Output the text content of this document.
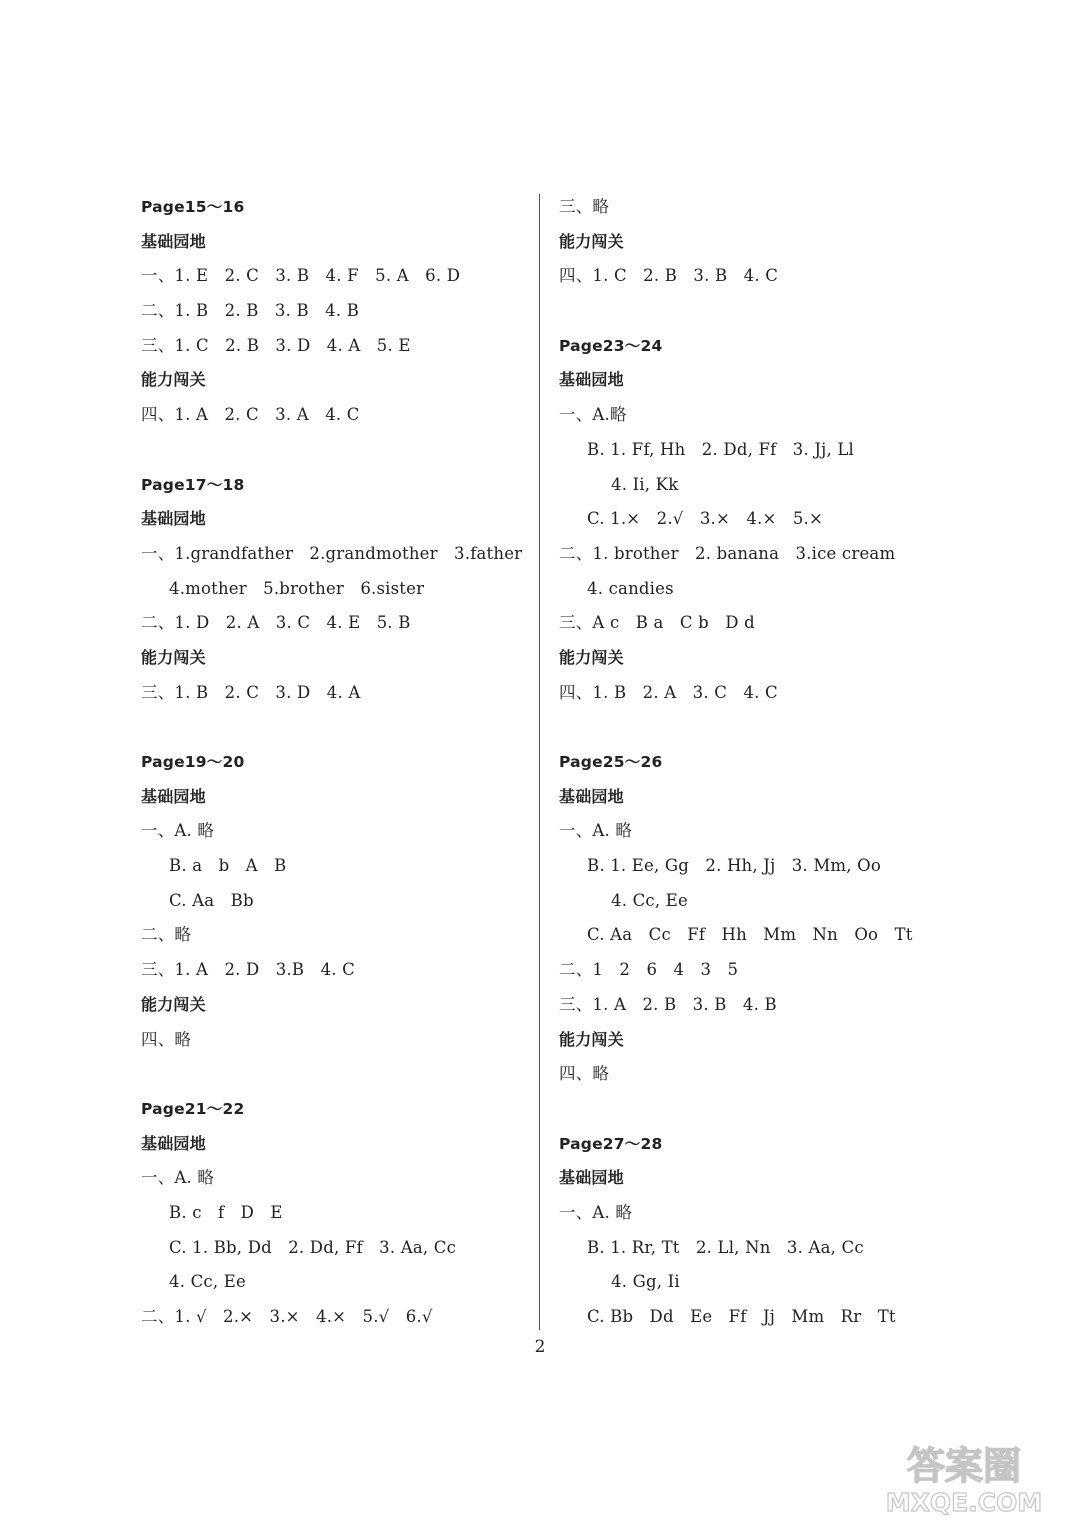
Page15～16
基础园地
一、1. E   2. C   3. B   4. F   5. A   6. D
二、1. B   2. B   3. B   4. B
三、1. C   2. B   3. D   4. A   5. E
能力闯关
四、1. A   2. C   3. A   4. C
Page17～18
基础园地
一、1.grandfather   2.grandmother   3.father
4.mother   5.brother   6.sister
二、1. D   2. A   3. C   4. E   5. B
能力闯关
三、1. B   2. C   3. D   4. A
Page19～20
基础园地
一、A. 略
B. a   b   A   B
C. Aa   Bb
二、略
三、1. A   2. D   3.B   4. C
能力闯关
四、略
Page21～22
基础园地
一、A. 略
B. c   f   D   E
C. 1. Bb, Dd   2. Dd, Ff   3. Aa, Cc
4. Cc, Ee
二、1. √   2.×   3.×   4.×   5.√   6.√
三、略
能力闯关
四、1. C   2. B   3. B   4. C
Page23～24
基础园地
一、A.略
B. 1. Ff, Hh   2. Dd, Ff   3. Jj, Ll
4. Ii, Kk
C. 1.×   2.√   3.×   4.×   5.×
二、1. brother   2. banana   3.ice cream
4. candies
三、A c   B a   C b   D d
能力闯关
四、1. B   2. A   3. C   4. C
Page25～26
基础园地
一、A. 略
B. 1. Ee, Gg   2. Hh, Jj   3. Mm, Oo
4. Cc, Ee
C. Aa   Cc   Ff   Hh   Mm   Nn   Oo   Tt
二、1   2   6   4   3   5
三、1. A   2. B   3. B   4. B
能力闯关
四、略
Page27～28
基础园地
一、A. 略
B. 1. Rr, Tt   2. Ll, Nn   3. Aa, Cc
4. Gg, Ii
C. Bb   Dd   Ee   Ff   Jj   Mm   Rr   Tt
2
答案圈
MXQE.COM
